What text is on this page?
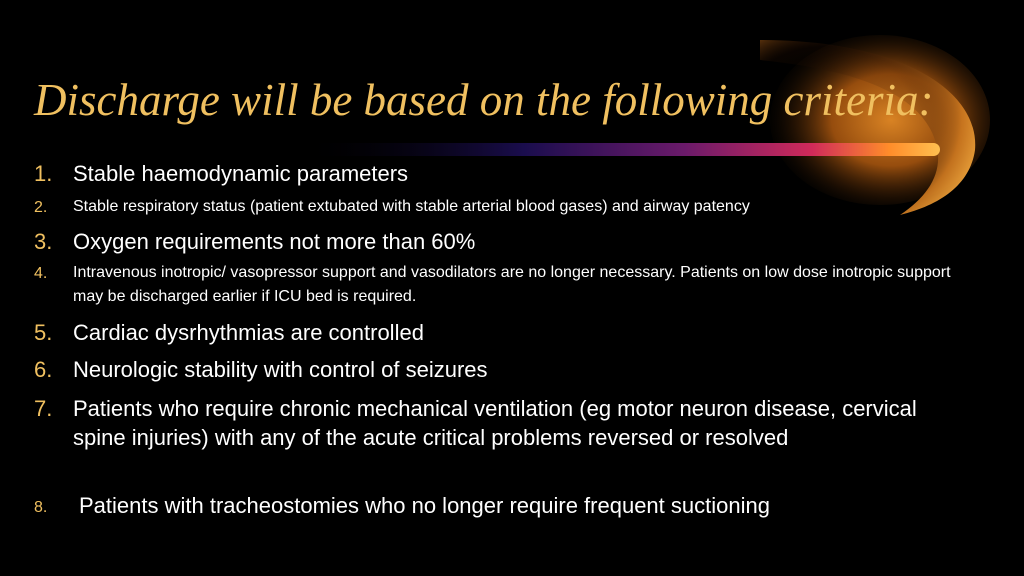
Discharge will be based on the following criteria:
1. Stable haemodynamic parameters
2. Stable respiratory status (patient extubated with stable arterial blood gases) and airway patency
3. Oxygen requirements not more than 60%
4. Intravenous inotropic/ vasopressor support and vasodilators are no longer necessary. Patients on low dose inotropic support may be discharged earlier if ICU bed is required.
5. Cardiac dysrhythmias are controlled
6. Neurologic stability with control of seizures
7. Patients who require chronic mechanical ventilation (eg motor neuron disease, cervical spine injuries) with any of the acute critical problems reversed or resolved
8. Patients with tracheostomies who no longer require frequent suctioning
